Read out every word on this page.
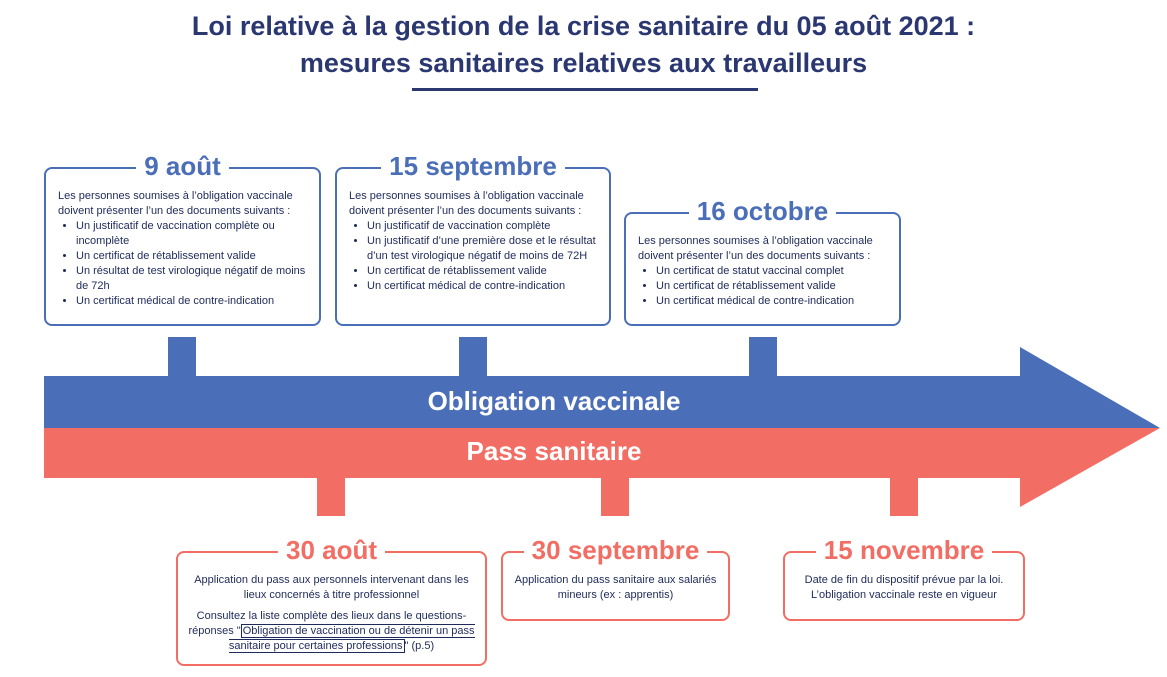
Loi relative à la gestion de la crise sanitaire du 05 août 2021 :
mesures sanitaires relatives aux travailleurs
Obligation vaccinale
Pass sanitaire
9 août
Les personnes soumises à l’obligation vaccinale doivent présenter l’un des documents suivants :
• Un justificatif de vaccination complète ou incomplète
• Un certificat de rétablissement valide
• Un résultat de test virologique négatif de moins de 72h
• Un certificat médical de contre-indication
15 septembre
Les personnes soumises à l’obligation vaccinale doivent présenter l’un des documents suivants :
• Un justificatif de vaccination complète
• Un justificatif d’une première dose et le résultat d’un test virologique négatif de moins de 72H
• Un certificat de rétablissement valide
• Un certificat médical de contre-indication
16 octobre
Les personnes soumises à l’obligation vaccinale doivent présenter l’un des documents suivants :
• Un certificat de statut vaccinal complet
• Un certificat de rétablissement valide
• Un certificat médical de contre-indication
30 août

Application du pass aux personnels intervenant dans les lieux concernés à titre professionnel

Consultez la liste complète des lieux dans le questions-réponses " Obligation de vaccination ou de détenir un pass sanitaire pour certaines professions " (p.5)

30 septembre

Application du pass sanitaire aux salariés mineurs (ex : apprentis)

15 novembre

Date de fin du dispositif prévue par la loi. L’obligation vaccinale reste en vigueur
